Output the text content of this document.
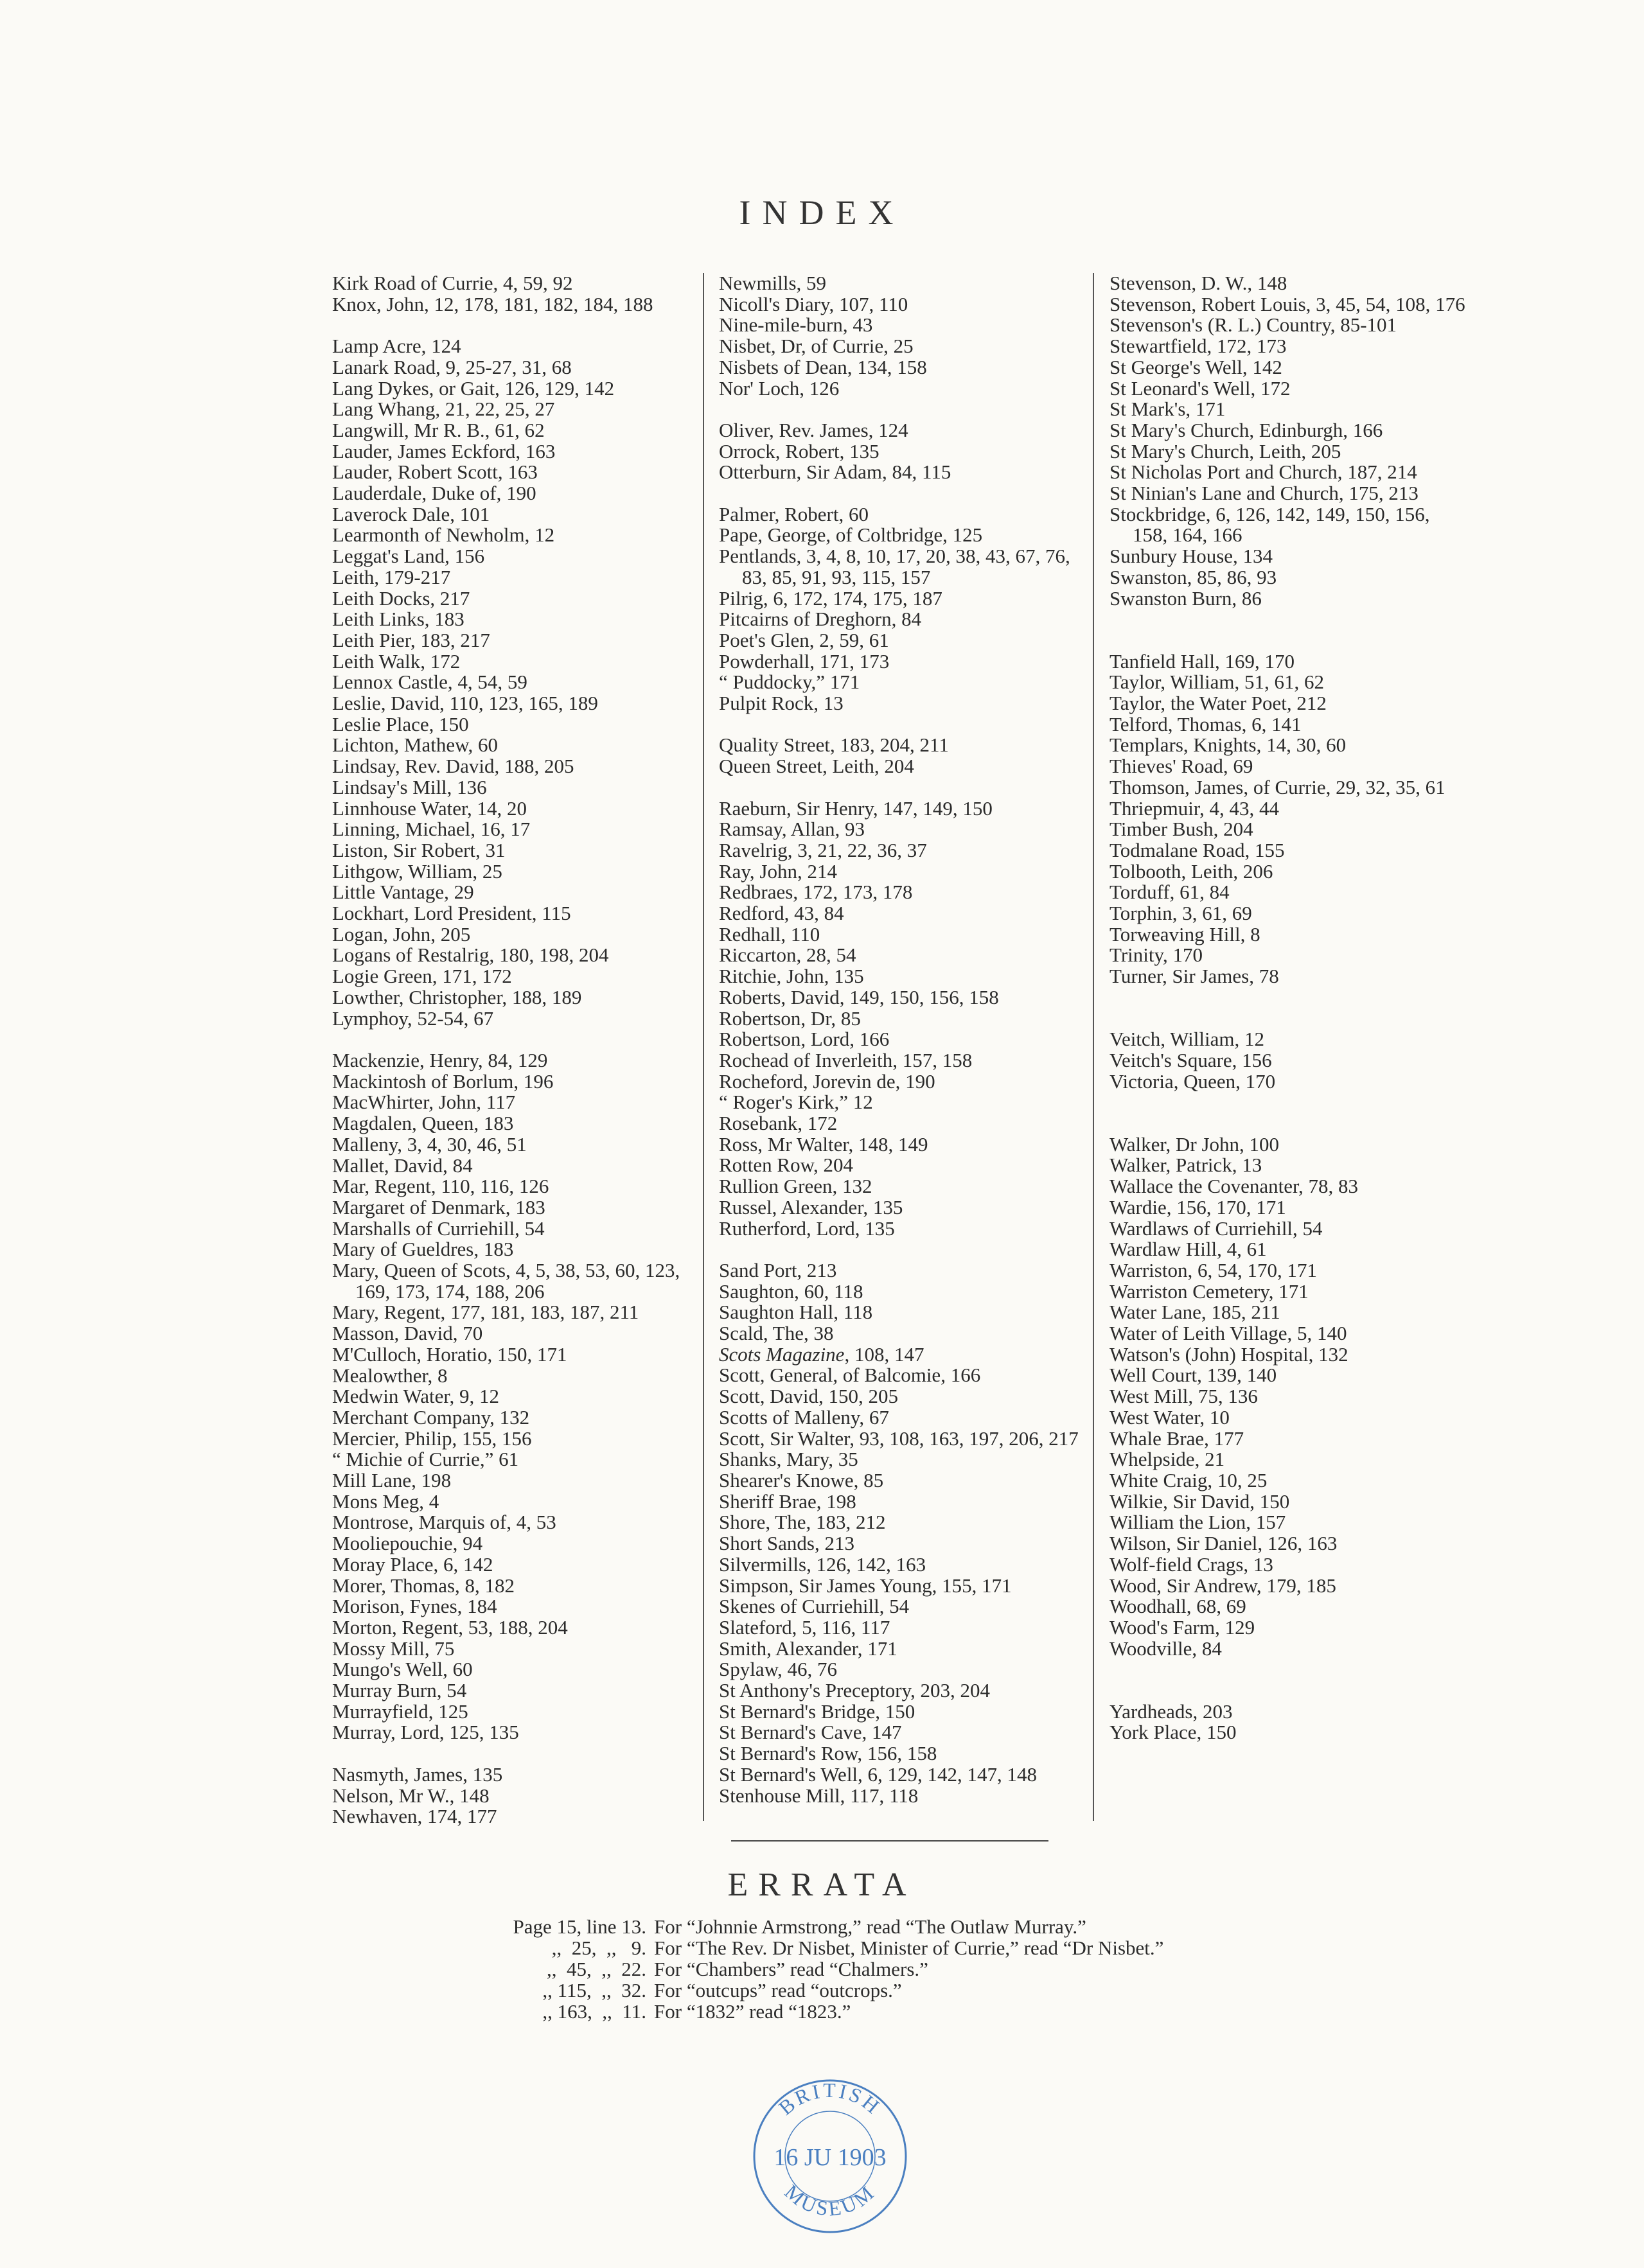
INDEX
Kirk Road of Currie, 4, 59, 92
Knox, John, 12, 178, 181, 182, 184, 188
Lamp Acre, 124
Lanark Road, 9, 25-27, 31, 68
Lang Dykes, or Gait, 126, 129, 142
Lang Whang, 21, 22, 25, 27
Langwill, Mr R. B., 61, 62
Lauder, James Eckford, 163
Lauder, Robert Scott, 163
Lauderdale, Duke of, 190
Laverock Dale, 101
Learmonth of Newholm, 12
Leggat's Land, 156
Leith, 179-217
Leith Docks, 217
Leith Links, 183
Leith Pier, 183, 217
Leith Walk, 172
Lennox Castle, 4, 54, 59
Leslie, David, 110, 123, 165, 189
Leslie Place, 150
Lichton, Mathew, 60
Lindsay, Rev. David, 188, 205
Lindsay's Mill, 136
Linnhouse Water, 14, 20
Linning, Michael, 16, 17
Liston, Sir Robert, 31
Lithgow, William, 25
Little Vantage, 29
Lockhart, Lord President, 115
Logan, John, 205
Logans of Restalrig, 180, 198, 204
Logie Green, 171, 172
Lowther, Christopher, 188, 189
Lymphoy, 52-54, 67
Mackenzie, Henry, 84, 129
Mackintosh of Borlum, 196
MacWhirter, John, 117
Magdalen, Queen, 183
Malleny, 3, 4, 30, 46, 51
Mallet, David, 84
Mar, Regent, 110, 116, 126
Margaret of Denmark, 183
Marshalls of Curriehill, 54
Mary of Gueldres, 183
Mary, Queen of Scots, 4, 5, 38, 53, 60, 123, 169, 173, 174, 188, 206
Mary, Regent, 177, 181, 183, 187, 211
Masson, David, 70
M'Culloch, Horatio, 150, 171
Mealowther, 8
Medwin Water, 9, 12
Merchant Company, 132
Mercier, Philip, 155, 156
“ Michie of Currie,” 61
Mill Lane, 198
Mons Meg, 4
Montrose, Marquis of, 4, 53
Mooliepouchie, 94
Moray Place, 6, 142
Morer, Thomas, 8, 182
Morison, Fynes, 184
Morton, Regent, 53, 188, 204
Mossy Mill, 75
Mungo's Well, 60
Murray Burn, 54
Murrayfield, 125
Murray, Lord, 125, 135
Nasmyth, James, 135
Nelson, Mr W., 148
Newhaven, 174, 177
Newmills, 59
Nicoll's Diary, 107, 110
Nine-mile-burn, 43
Nisbet, Dr, of Currie, 25
Nisbets of Dean, 134, 158
Nor' Loch, 126
Oliver, Rev. James, 124
Orrock, Robert, 135
Otterburn, Sir Adam, 84, 115
Palmer, Robert, 60
Pape, George, of Coltbridge, 125
Pentlands, 3, 4, 8, 10, 17, 20, 38, 43, 67, 76, 83, 85, 91, 93, 115, 157
Pilrig, 6, 172, 174, 175, 187
Pitcairns of Dreghorn, 84
Poet's Glen, 2, 59, 61
Powderhall, 171, 173
“ Puddocky,” 171
Pulpit Rock, 13
Quality Street, 183, 204, 211
Queen Street, Leith, 204
Raeburn, Sir Henry, 147, 149, 150
Ramsay, Allan, 93
Ravelrig, 3, 21, 22, 36, 37
Ray, John, 214
Redbraes, 172, 173, 178
Redford, 43, 84
Redhall, 110
Riccarton, 28, 54
Ritchie, John, 135
Roberts, David, 149, 150, 156, 158
Robertson, Dr, 85
Robertson, Lord, 166
Rochead of Inverleith, 157, 158
Rocheford, Jorevin de, 190
“ Roger's Kirk,” 12
Rosebank, 172
Ross, Mr Walter, 148, 149
Rotten Row, 204
Rullion Green, 132
Russel, Alexander, 135
Rutherford, Lord, 135
Sand Port, 213
Saughton, 60, 118
Saughton Hall, 118
Scald, The, 38
Scots Magazine, 108, 147
Scott, General, of Balcomie, 166
Scott, David, 150, 205
Scotts of Malleny, 67
Scott, Sir Walter, 93, 108, 163, 197, 206, 217
Shanks, Mary, 35
Shearer's Knowe, 85
Sheriff Brae, 198
Shore, The, 183, 212
Short Sands, 213
Silvermills, 126, 142, 163
Simpson, Sir James Young, 155, 171
Skenes of Curriehill, 54
Slateford, 5, 116, 117
Smith, Alexander, 171
Spylaw, 46, 76
St Anthony's Preceptory, 203, 204
St Bernard's Bridge, 150
St Bernard's Cave, 147
St Bernard's Row, 156, 158
St Bernard's Well, 6, 129, 142, 147, 148
Stenhouse Mill, 117, 118
Stevenson, D. W., 148
Stevenson, Robert Louis, 3, 45, 54, 108, 176
Stevenson's (R. L.) Country, 85-101
Stewartfield, 172, 173
St George's Well, 142
St Leonard's Well, 172
St Mark's, 171
St Mary's Church, Edinburgh, 166
St Mary's Church, Leith, 205
St Nicholas Port and Church, 187, 214
St Ninian's Lane and Church, 175, 213
Stockbridge, 6, 126, 142, 149, 150, 156, 158, 164, 166
Sunbury House, 134
Swanston, 85, 86, 93
Swanston Burn, 86
Tanfield Hall, 169, 170
Taylor, William, 51, 61, 62
Taylor, the Water Poet, 212
Telford, Thomas, 6, 141
Templars, Knights, 14, 30, 60
Thieves' Road, 69
Thomson, James, of Currie, 29, 32, 35, 61
Thriepmuir, 4, 43, 44
Timber Bush, 204
Todmalane Road, 155
Tolbooth, Leith, 206
Torduff, 61, 84
Torphin, 3, 61, 69
Torweaving Hill, 8
Trinity, 170
Turner, Sir James, 78
Veitch, William, 12
Veitch's Square, 156
Victoria, Queen, 170
Walker, Dr John, 100
Walker, Patrick, 13
Wallace the Covenanter, 78, 83
Wardie, 156, 170, 171
Wardlaws of Curriehill, 54
Wardlaw Hill, 4, 61
Warriston, 6, 54, 170, 171
Warriston Cemetery, 171
Water Lane, 185, 211
Water of Leith Village, 5, 140
Watson's (John) Hospital, 132
Well Court, 139, 140
West Mill, 75, 136
West Water, 10
Whale Brae, 177
Whelpside, 21
White Craig, 10, 25
Wilkie, Sir David, 150
William the Lion, 157
Wilson, Sir Daniel, 126, 163
Wolf-field Crags, 13
Wood, Sir Andrew, 179, 185
Woodhall, 68, 69
Wood's Farm, 129
Woodville, 84
Yardheads, 203
York Place, 150
ERRATA
Page 15, line 13. For “Johnnie Armstrong,” read “The Outlaw Murray.”
,,  25,  ,,   9. For “The Rev. Dr Nisbet, Minister of Currie,” read “Dr Nisbet.”
,,  45,  ,,  22. For “Chambers” read “Chalmers.”
,, 115,  ,,  32. For “outcups” read “outcrops.”
,, 163,  ,,  11. For “1832” read “1823.”
BRITISH
16 JU 1903
MUSEUM
